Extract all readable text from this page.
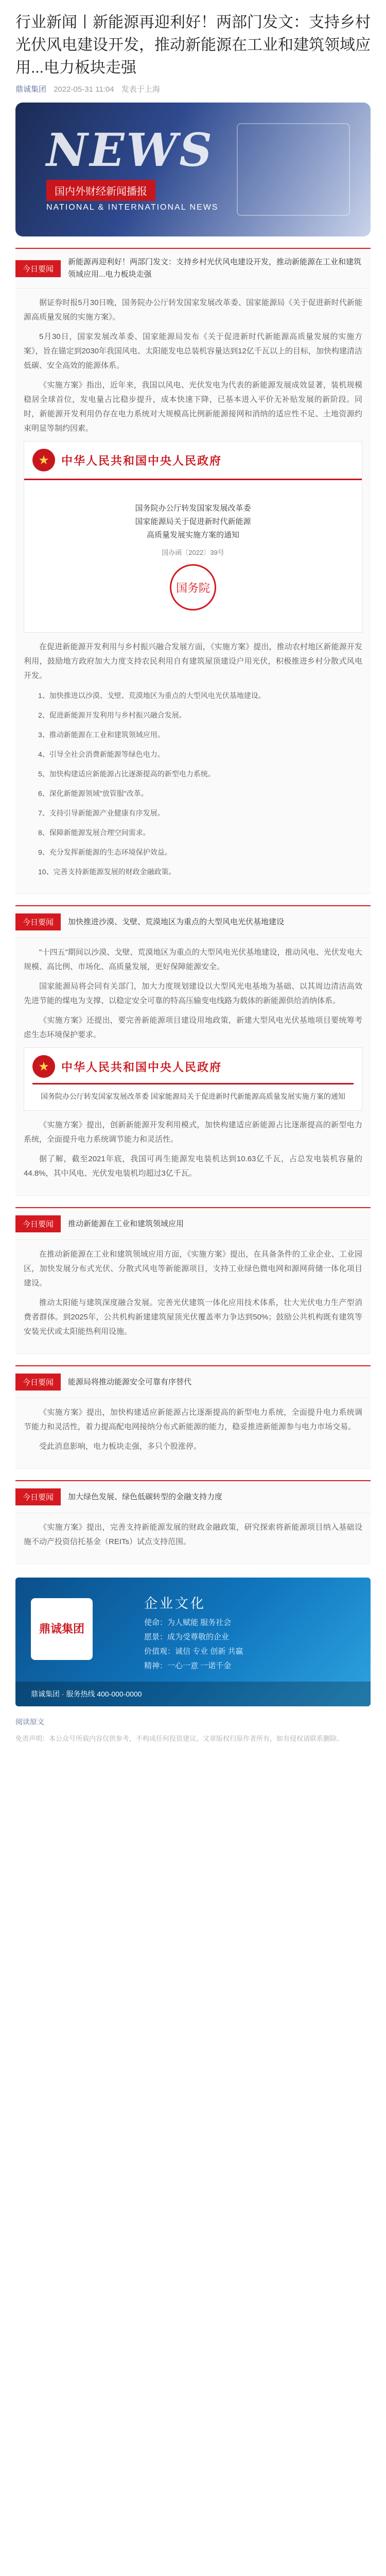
行业新闻丨新能源再迎利好！两部门发文：支持乡村光伏风电建设开发，推动新能源在工业和建筑领域应用...电力板块走强
鼎诚集团 2022-05-31 11:04 发表于上海
NEWS
国内外财经新闻播报
NATIONAL & INTERNATIONAL NEWS
今日要闻
新能源再迎利好！两部门发文：支持乡村光伏风电建设开发，推动新能源在工业和建筑领域应用...电力板块走强

据证券时报5月30日晚，国务院办公厅转发国家发展改革委、国家能源局《关于促进新时代新能源高质量发展的实施方案》。

5月30日，国家发展改革委、国家能源局发布《关于促进新时代新能源高质量发展的实施方案》，旨在锚定到2030年我国风电、太阳能发电总装机容量达到12亿千瓦以上的目标，加快构建清洁低碳、安全高效的能源体系。

《实施方案》指出，近年来，我国以风电、光伏发电为代表的新能源发展成效显著，装机规模稳居全球首位，发电量占比稳步提升，成本快速下降，已基本进入平价无补贴发展的新阶段。同时，新能源开发利用仍存在电力系统对大规模高比例新能源接网和消纳的适应性不足、土地资源约束明显等制约因素。

★	中华人民共和国中央人民政府
国务院办公厅转发国家发展改革委
国家能源局关于促进新时代新能源
高质量发展实施方案的通知
国办函〔2022〕39号
国务院

在促进新能源开发利用与乡村振兴融合发展方面，《实施方案》提出，推动农村地区新能源开发利用，鼓励地方政府加大力度支持农民利用自有建筑屋顶建设户用光伏，积极推进乡村分散式风电开发。

1、加快推进以沙漠、戈壁、荒漠地区为重点的大型风电光伏基地建设。

2、促进新能源开发利用与乡村振兴融合发展。

3、推动新能源在工业和建筑领域应用。

4、引导全社会消费新能源等绿色电力。

5、加快构建适应新能源占比逐渐提高的新型电力系统。

6、深化新能源领域"放管服"改革。

7、支持引导新能源产业健康有序发展。

8、保障新能源发展合理空间需求。

9、充分发挥新能源的生态环境保护效益。

10、完善支持新能源发展的财政金融政策。

今日要闻	加快推进沙漠、戈壁、荒漠地区为重点的大型风电光伏基地建设

"十四五"期间以沙漠、戈壁、荒漠地区为重点的大型风电光伏基地建设，推动风电、光伏发电大规模、高比例、市场化、高质量发展，更好保障能源安全。

国家能源局将会同有关部门，加大力度规划建设以大型风光电基地为基础、以其周边清洁高效先进节能的煤电为支撑、以稳定安全可靠的特高压输变电线路为载体的新能源供给消纳体系。

《实施方案》还提出，要完善新能源项目建设用地政策，新建大型风电光伏基地项目要统筹考虑生态环境保护要求。

★	中华人民共和国中央人民政府
国务院办公厅转发国家发展改革委 国家能源局关于促进新时代新能源高质量发展实施方案的通知

《实施方案》提出，创新新能源开发利用模式，加快构建适应新能源占比逐渐提高的新型电力系统，全面提升电力系统调节能力和灵活性。

据了解，截至2021年底，我国可再生能源发电装机达到10.63亿千瓦，占总发电装机容量的44.8%，其中风电、光伏发电装机均超过3亿千瓦。

今日要闻	推动新能源在工业和建筑领域应用

在推动新能源在工业和建筑领域应用方面，《实施方案》提出，在具备条件的工业企业、工业园区，加快发展分布式光伏、分散式风电等新能源项目，支持工业绿色微电网和源网荷储一体化项目建设。

推动太阳能与建筑深度融合发展。完善光伏建筑一体化应用技术体系，壮大光伏电力生产型消费者群体。到2025年，公共机构新建建筑屋顶光伏覆盖率力争达到50%；鼓励公共机构既有建筑等安装光伏或太阳能热利用设施。

今日要闻	能源局将推动能源安全可靠有序替代

《实施方案》提出，加快构建适应新能源占比逐渐提高的新型电力系统，全面提升电力系统调节能力和灵活性，着力提高配电网接纳分布式新能源的能力，稳妥推进新能源参与电力市场交易。

受此消息影响，电力板块走强，多只个股涨停。

今日要闻	加大绿色发展、绿色低碳转型的金融支持力度

《实施方案》提出，完善支持新能源发展的财政金融政策，研究探索将新能源项目纳入基础设施不动产投资信托基金（REITs）试点支持范围。

鼎诚集团
企业文化
使命：为人赋能 服务社会
愿景：成为受尊敬的企业
价值观：诚信 专业 创新 共赢
精神：一心一意 一诺千金
鼎诚集团 · 服务热线 400-000-0000
阅读原文
免责声明：本公众号所载内容仅供参考，不构成任何投资建议。文章版权归原作者所有，如有侵权请联系删除。
